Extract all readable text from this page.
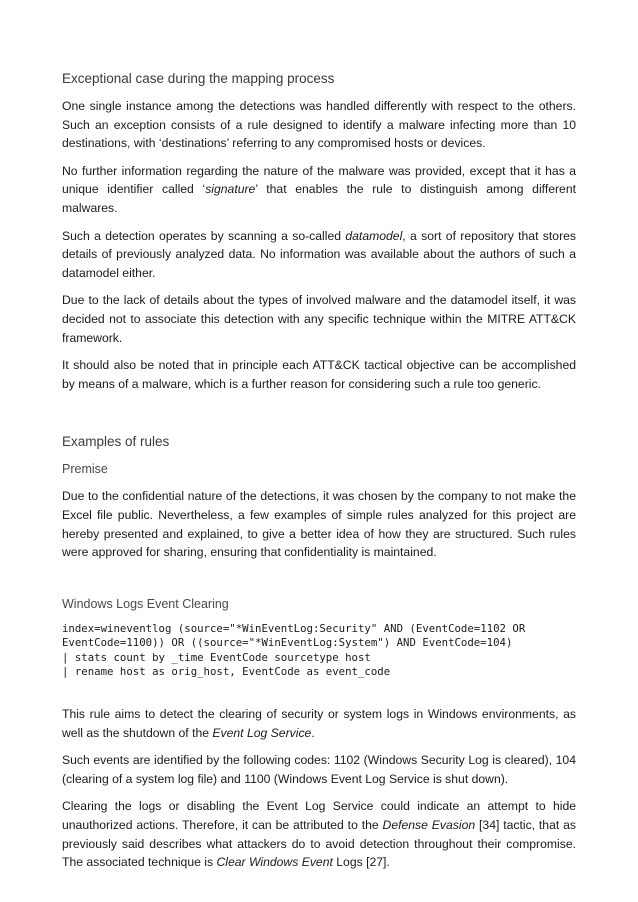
Exceptional case during the mapping process

One single instance among the detections was handled differently with respect to the others. Such an exception consists of a rule designed to identify a malware infecting more than 10 destinations, with ‘destinations’ referring to any compromised hosts or devices.

No further information regarding the nature of the malware was provided, except that it has a unique identifier called ‘signature’ that enables the rule to distinguish among different malwares.

Such a detection operates by scanning a so-called datamodel, a sort of repository that stores details of previously analyzed data. No information was available about the authors of such a datamodel either.

Due to the lack of details about the types of involved malware and the datamodel itself, it was decided not to associate this detection with any specific technique within the MITRE ATT&CK framework.

It should also be noted that in principle each ATT&CK tactical objective can be accomplished by means of a malware, which is a further reason for considering such a rule too generic.

Examples of rules
Premise

Due to the confidential nature of the detections, it was chosen by the company to not make the Excel file public. Nevertheless, a few examples of simple rules analyzed for this project are hereby presented and explained, to give a better idea of how they are structured. Such rules were approved for sharing, ensuring that confidentiality is maintained.

Windows Logs Event Clearing
index=wineventlog (source="*WinEventLog:Security" AND (EventCode=1102 OR
EventCode=1100)) OR ((source="*WinEventLog:System") AND EventCode=104)
| stats count by _time EventCode sourcetype host
| rename host as orig_host, EventCode as event_code

This rule aims to detect the clearing of security or system logs in Windows environments, as well as the shutdown of the Event Log Service.

Such events are identified by the following codes: 1102 (Windows Security Log is cleared), 104 (clearing of a system log file) and 1100 (Windows Event Log Service is shut down).

Clearing the logs or disabling the Event Log Service could indicate an attempt to hide unauthorized actions. Therefore, it can be attributed to the Defense Evasion [34] tactic, that as previously said describes what attackers do to avoid detection throughout their compromise. The associated technique is Clear Windows Event Logs [27].
